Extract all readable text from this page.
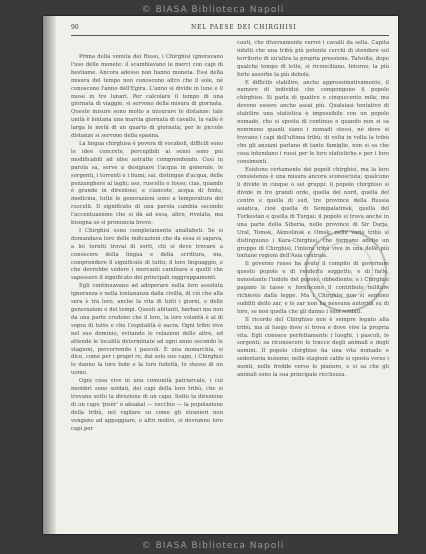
© BIASA Biblioteca Napoli
90	NEL PAESE DEI CHIRGHISI

Prima della venuta dei Russi, i Chirghisi ignoravano l'uso delle monete: il scambiavano le merci con capi di bestiame. Ancora adesso non hanno moneta. Essi della misura del tempo non conoscono altro che il sole, né conoscono l'anno dell'Egira. L'anno si divide in lune e il mese in tre lunari. Per calcolare il tempo di una giornata di viaggio, si servono della misura di giornata. Queste misure sono molto a misurare le distanze: tale unità è lontana una marcia giornata di cavallo, la valle è larga le metà di un quarto di giornata; per le piccole distanze si servono della spanna.

La lingua chirghisa è povera di vocaboli, difficili sono le idee concrete, percepibili ai sensi sono poi modificabili ad idee astratte comprendendo. Così in parola sa, serve a designare l'acqua in generale, le sorgenti, i torrenti e i fiumi; sai, distingue d'acqua, delle pozzanghere ai laghi; ass, ruscello o fosso; cias, quando è grande in direzione; e ciancote, acqua di fonte, medicina, tutte le generazioni sono a temperatura dei ruscelli. Il significato di una parola cambia secondo l'accentuazione che si dà ad essa, altro, rivelata, ma bisogna se si pronuncia breve.

I Chirghisi sono completamente analfabeti. Se si domandava loro delle indicazioni che da essa si sapeva, a lei torniti trovai di sorti, chi si deve trovare a conoscere della lingua e della scrittura, ma, comprendere il significato di tutto; il loro linguaggio, e che dovrebbe vedere i mercanti cambiare e quelli che sapessero il significato dei principali raggruppamenti.

Egli continuavano ad adoperare nella loro assoluta ignoranza e nella lontananza dalla civiltà, di ciò che alla sera è tra loro, anche la vita di tutti i giorni, e delle generazioni e dei tempi. Questi abitanti, barbari ma non da una parte credono che il loro, la loro volontà è al di sopra di tutto e che l'ospitalità è sacra. Ogni tribù vive nel suo dominio, evitando le relazioni delle altre, ed attende le località determinate ad ogni anno secondo le stagioni, percorrendo i pascoli. È una monarchia, si dice, come per i propri re, dal solo suo capo, i Chirghisi le danno la loro fede e la loro fedeltà, lo stesso di un uomo.

Ogni cosa vive in una comunità patriarcale, i cui membri sono soldati, dei capi della loro tribù, che si trovano sotto la direzione di un capo. Sotto la direzione di un capo 'pisèr' o aksakal — vecchio — la popolazione della tribù, nel vigilare su come gli stranieri non vengano ad appoggiare, o altri motivi, si dovranno loro capi per

cauti, che diversamente verrei i cavalli da sella. Capita infatti che una tribù più potente cerchi di stendere sul territorio di un'altra la propria pressione. Talvolta, dopo qualche tempo di lotte, si riconciliano. Intorno, la più forte assorbe la più debole.

E difficile stabilire, anche approssimativamente, il numero di individui che compongono il popolo chirghiso. Si parla di quattro o cinquecento mila; ma devono essere anche assai più. Qualsiasi tentativo di stabilire una statistica è impossibile con un popolo nomade, che si sposta di continuo e quando non si sa nemmeno quanti siano i nomadi stessi, né dove si trovano i capi dell'ultima tribù; di volta in volta la tribù che gli anziani parlano di tante famiglie, non si sa che cosa intendano i russi per le loro statistiche e per i loro censimenti.

Esistono certamente dei popoli chirghisi, ma la loro consistenza è una misura ancora sconosciuta; qualcuno li divide in cinque o sei gruppi: il popolo chirghiso si divide in tre grandi orde, quella del nord, quella del centro e quella di sud, tre province della Russia asiatica, cioè quella di Semipalatinsk, quella del Turkestan e quella di Turgai; il popolo si trova anche in una parte della Siberia, nelle province di Sir Darja, Ural, Tomsk, Akmolinsk e Omsk; nelle varie tribù si distinguono i Kara-Chirghisi, che formano anche un gruppo di Chirghisi, l'intera tribù vive in una delle più lontane regioni dell'Asia centrale.

Il governo russo ha avuto il compito di governare questo popolo e di renderlo soggetto, e di farlo, nonostante l'indole del popolo, obbediente; e i Chirghisi pagano le tasse e forniscono il contributo militare richiesto dalla legge. Ma i Chirghisi non si sentono sudditi dello zar, e lo zar non ha nessuna autorità su di loro, se non quella che gli danno i suoi soldati.

Il ricordo del Chirghiso non è sempre legato alla tribù, ma al luogo dove si trova e dove vive la propria vita. Egli conosce perfettamente i luoghi, i pascoli, le sorgenti; sa riconoscere le tracce degli animali e degli uomini. Il popolo chirghiso ha una vita nomade e sedentaria insieme; nelle stagioni calde si sposta verso i monti, nelle fredde verso le pianure, e si sa che gli animali sono la sua principale ricchezza.

© BIASA Biblioteca Napoli
